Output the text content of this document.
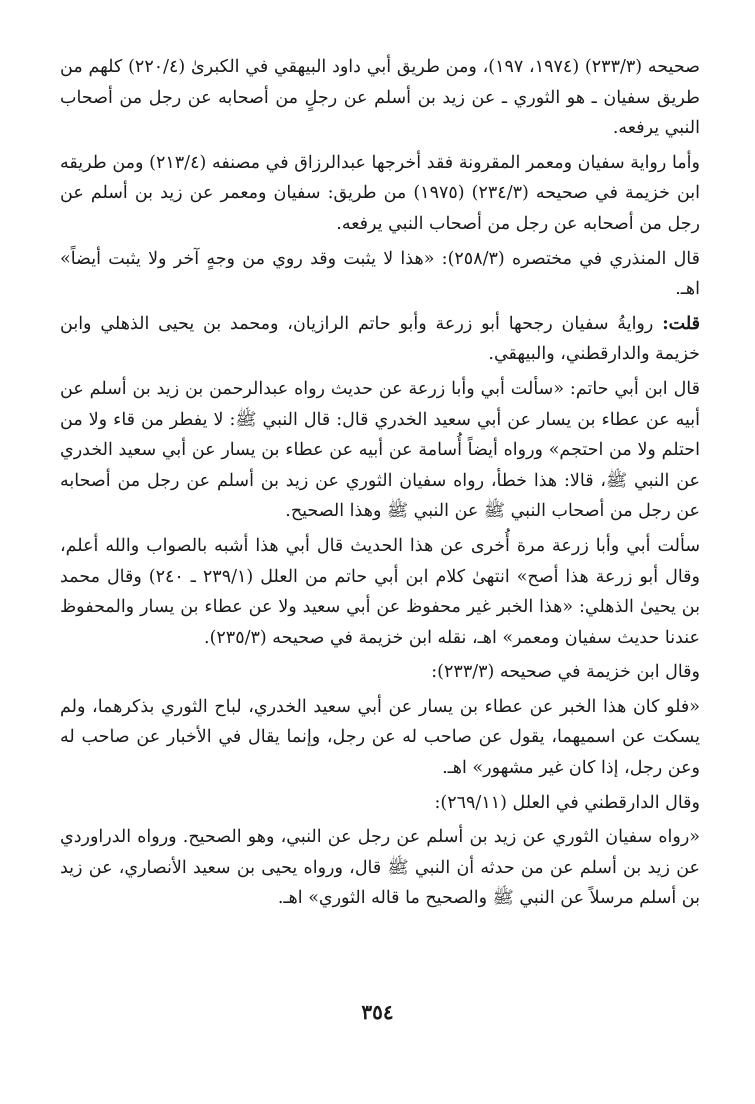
صحيحه (٢٣٣/٣) (١٩٧٤، ١٩٧)، ومن طريق أبي داود البيهقي في الكبرىٰ (٢٢٠/٤) كلهم من طريق سفيان ـ هو الثوري ـ عن زيد بن أسلم عن رجلٍ من أصحابه عن رجل من أصحاب النبي يرفعه.

وأما رواية سفيان ومعمر المقرونة فقد أخرجها عبدالرزاق في مصنفه (٢١٣/٤) ومن طريقه ابن خزيمة في صحيحه (٢٣٤/٣) (١٩٧٥) من طريق: سفيان ومعمر عن زيد بن أسلم عن رجل من أصحابه عن رجل من أصحاب النبي يرفعه.

قال المنذري في مختصره (٢٥٨/٣): «هذا لا يثبت وقد روي من وجهٍ آخر ولا يثبت أيضاً» اهـ.

قلت: روايةُ سفيان رجحها أبو زرعة وأبو حاتم الرازيان، ومحمد بن يحيى الذهلي وابن خزيمة والدارقطني، والبيهقي.

قال ابن أبي حاتم: «سألت أبي وأبا زرعة عن حديث رواه عبدالرحمن بن زيد بن أسلم عن أبيه عن عطاء بن يسار عن أبي سعيد الخدري قال: قال النبي ﷺ: لا يفطر من قاء ولا من احتلم ولا من احتجم» ورواه أيضاً أُسامة عن أبيه عن عطاء بن يسار عن أبي سعيد الخدري عن النبي ﷺ، قالا: هذا خطأ، رواه سفيان الثوري عن زيد بن أسلم عن رجل من أصحابه عن رجل من أصحاب النبي ﷺ عن النبي ﷺ وهذا الصحيح.

سألت أبي وأبا زرعة مرة أُخرى عن هذا الحديث قال أبي هذا أشبه بالصواب والله أعلم، وقال أبو زرعة هذا أصح» انتهىٰ كلام ابن أبي حاتم من العلل (٢٣٩/١ ـ ٢٤٠) وقال محمد بن يحيىٰ الذهلي: «هذا الخبر غير محفوظ عن أبي سعيد ولا عن عطاء بن يسار والمحفوظ عندنا حديث سفيان ومعمر» اهـ، نقله ابن خزيمة في صحيحه (٢٣٥/٣).

وقال ابن خزيمة في صحيحه (٢٣٣/٣):

«فلو كان هذا الخبر عن عطاء بن يسار عن أبي سعيد الخدري، لباح الثوري بذكرهما، ولم يسكت عن اسميهما، يقول عن صاحب له عن رجل، وإنما يقال في الأخبار عن صاحب له وعن رجل، إذا كان غير مشهور» اهـ.

وقال الدارقطني في العلل (٢٦٩/١١):

«رواه سفيان الثوري عن زيد بن أسلم عن رجل عن النبي، وهو الصحيح. ورواه الدراوردي عن زيد بن أسلم عن من حدثه أن النبي ﷺ قال، ورواه يحيى بن سعيد الأنصاري، عن زيد بن أسلم مرسلاً عن النبي ﷺ والصحيح ما قاله الثوري» اهـ.

٣٥٤
